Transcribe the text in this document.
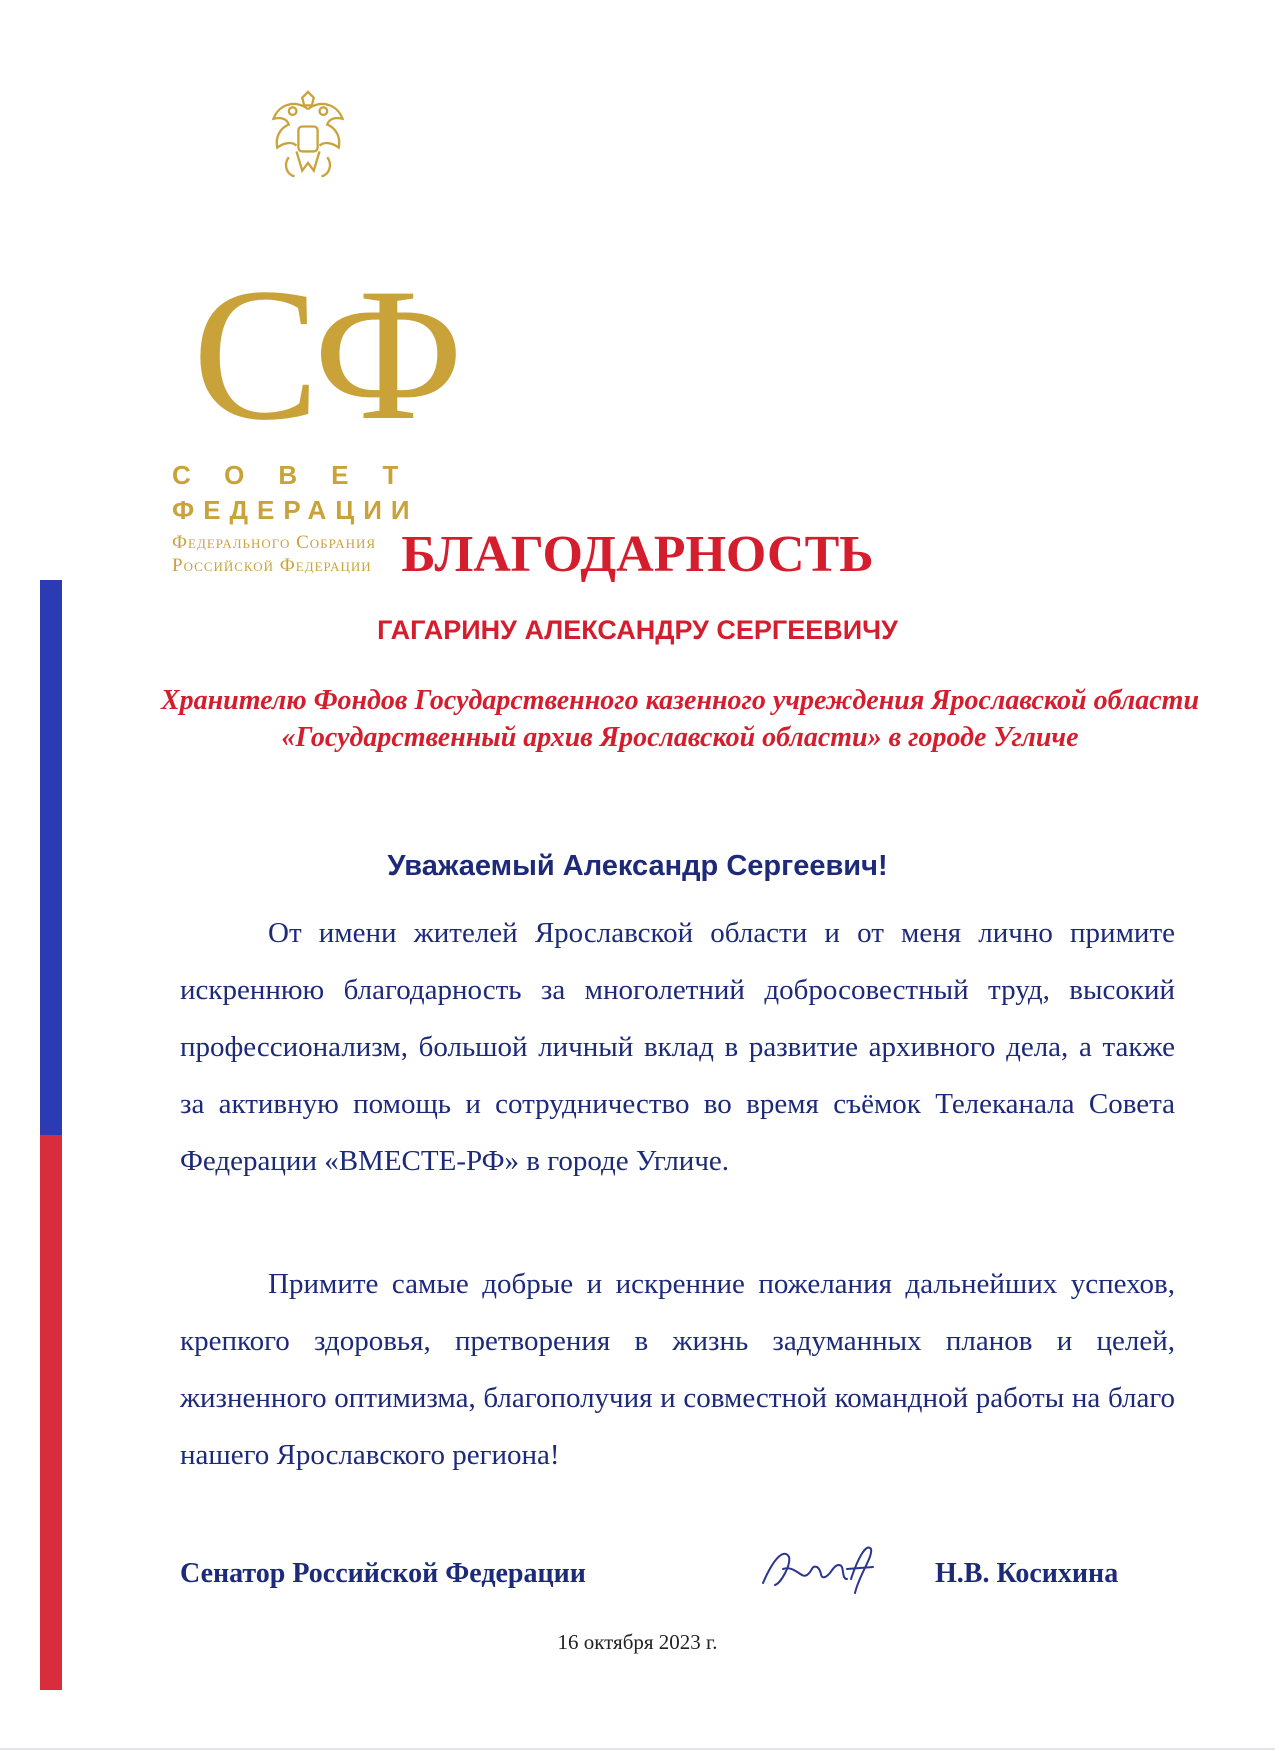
СФ

СОВЕТ
ФЕДЕРАЦИИ
Федерального Собрания
Российской Федерации БЛАГОДАРНОСТЬ

ГАГАРИНУ АЛЕКСАНДРУ СЕРГЕЕВИЧУ

Хранителю Фондов Государственного казенного учреждения Ярославской области «Государственный архив Ярославской области» в городе Угличе

Уважаемый Александр Сергеевич!

От имени жителей Ярославской области и от меня лично примите искреннюю благодарность за многолетний добросовестный труд, высокий профессионализм, большой личный вклад в развитие архивного дела, а также за активную помощь и сотрудничество во время съёмок Телеканала Совета Федерации «ВМЕСТЕ-РФ» в городе Угличе.

Примите самые добрые и искренние пожелания дальнейших успехов, крепкого здоровья, претворения в жизнь задуманных планов и целей, жизненного оптимизма, благополучия и совместной командной работы на благо нашего Ярославского региона!

Сенатор Российской Федерации	Н.В. Косихина

16 октября 2023 г.
